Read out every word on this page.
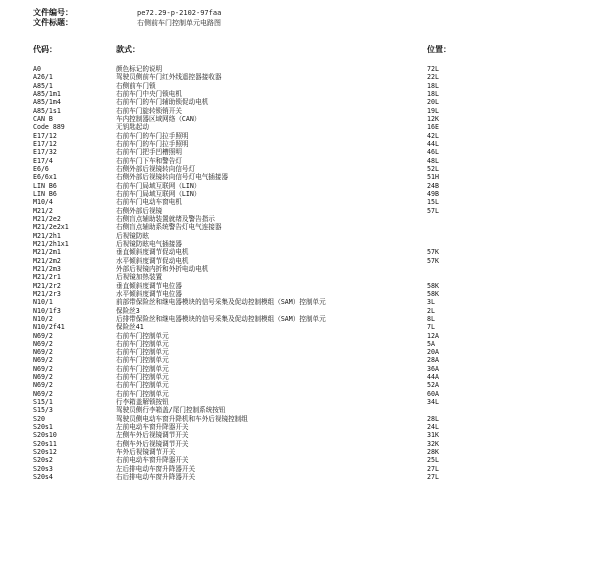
文件编号：	pe72.29-p-2102-97faa
文件标题：	右侧前车门控制单元电路图
代码：	款式：	位置：
A0	颜色标记的说明	72L
A26/1	驾驶员侧前车门红外线遥控器接收器	22L
A85/1	右侧前车门锁	18L
A85/1m1	右前车门中央门锁电机	18L
A85/1m4	右前车门的车门辅助锁促动电机	20L
A85/1s1	右前车门旋转锁销开关	19L
CAN B	车内控制器区域网络（CAN）	12K
Code 889	无钥匙起动	16E
E17/12	右前车门的车门拉手照明	42L
E17/12	右前车门的车门拉手照明	44L
E17/32	右前车门把手凹槽照明	46L
E17/4	右前车门下车和警告灯	48L
E6/6	右侧外部后视镜转向信号灯	52L
E6/6x1	右侧外部后视镜转向信号灯电气插接器	51H
LIN B6	右前车门局域互联网（LIN）	24B
LIN B6	右前车门局域互联网（LIN）	49B
M10/4	右前车门电动车窗电机	15L
M21/2	右侧外部后视镜	57L
M21/2e2	右侧盲点辅助装置就绪及警告指示
M21/2e2x1	右侧盲点辅助系统警告灯电气连接器
M21/2h1	后视镜防眩
M21/2h1x1	后视镜防眩电气插接器
M21/2m1	垂直倾斜度调节促动电机	57K
M21/2m2	水平倾斜度调节促动电机	57K
M21/2m3	外部后视镜内折和外折电动电机
M21/2r1	后视镜加热装置
M21/2r2	垂直倾斜度调节电位器	58K
M21/2r3	水平倾斜度调节电位器	58K
N10/1	前部带保险丝和继电器模块的信号采集及促动控制模组（SAM）控制单元	3L
N10/1f3	保险丝3	2L
N10/2	后排带保险丝和继电器模块的信号采集及促动控制模组（SAM）控制单元	8L
N10/2f41	保险丝41	7L
N69/2	右前车门控制单元	12A
N69/2	右前车门控制单元	5A
N69/2	右前车门控制单元	20A
N69/2	右前车门控制单元	28A
N69/2	右前车门控制单元	36A
N69/2	右前车门控制单元	44A
N69/2	右前车门控制单元	52A
N69/2	右前车门控制单元	60A
S15/1	行李箱盖解锁按钮	34L
S15/3	驾驶员侧行李箱盖/尾门控制系统按钮
S20	驾驶员侧电动车窗升降机和车外后视镜控制组	28L
S20s1	左前电动车窗升降器开关	24L
S20s10	左侧车外后视镜调节开关	31K
S20s11	右侧车外后视镜调节开关	32K
S20s12	车外后视镜调节开关	28K
S20s2	右前电动车窗升降器开关	25L
S20s3	左后排电动车窗升降器开关	27L
S20s4	右后排电动车窗升降器开关	27L
